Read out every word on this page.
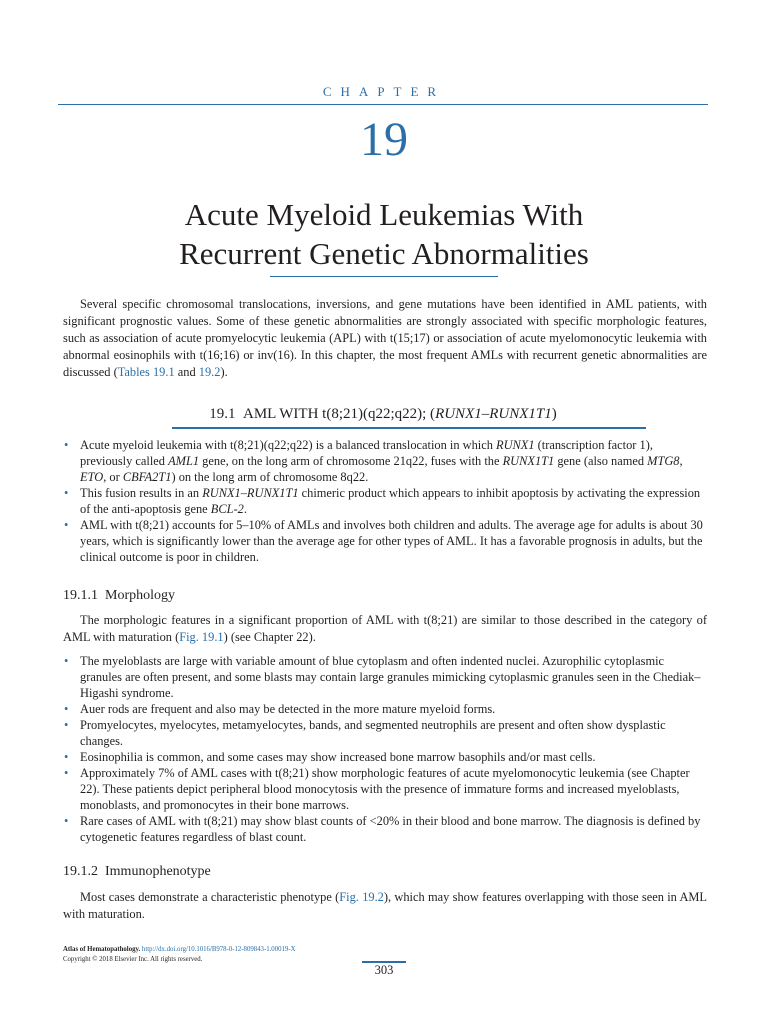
CHAPTER
19
Acute Myeloid Leukemias With
Recurrent Genetic Abnormalities

Several specific chromosomal translocations, inversions, and gene mutations have been identified in AML patients, with significant prognostic values. Some of these genetic abnormalities are strongly associated with specific morphologic features, such as association of acute promyelocytic leukemia (APL) with t(15;17) or association of acute myelomonocytic leukemia with abnormal eosinophils with t(16;16) or inv(16). In this chapter, the most frequent AMLs with recurrent genetic abnormalities are discussed (Tables 19.1 and 19.2).

19.1 AML WITH t(8;21)(q22;q22); (RUNX1–RUNX1T1)
• Acute myeloid leukemia with t(8;21)(q22;q22) is a balanced translocation in which RUNX1 (transcription factor 1), previously called AML1 gene, on the long arm of chromosome 21q22, fuses with the RUNX1T1 gene (also named MTG8, ETO, or CBFA2T1) on the long arm of chromosome 8q22.
• This fusion results in an RUNX1–RUNX1T1 chimeric product which appears to inhibit apoptosis by activating the expression of the anti-apoptosis gene BCL-2.
• AML with t(8;21) accounts for 5–10% of AMLs and involves both children and adults. The average age for adults is about 30 years, which is significantly lower than the average age for other types of AML. It has a favorable prognosis in adults, but the clinical outcome is poor in children.
19.1.1 Morphology

The morphologic features in a significant proportion of AML with t(8;21) are similar to those described in the category of AML with maturation (Fig. 19.1) (see Chapter 22).

• The myeloblasts are large with variable amount of blue cytoplasm and often indented nuclei. Azurophilic cytoplasmic granules are often present, and some blasts may contain large granules mimicking cytoplasmic granules seen in the Chediak–Higashi syndrome.
• Auer rods are frequent and also may be detected in the more mature myeloid forms.
• Promyelocytes, myelocytes, metamyelocytes, bands, and segmented neutrophils are present and often show dysplastic changes.
• Eosinophilia is common, and some cases may show increased bone marrow basophils and/or mast cells.
• Approximately 7% of AML cases with t(8;21) show morphologic features of acute myelomonocytic leukemia (see Chapter 22). These patients depict peripheral blood monocytosis with the presence of immature forms and increased myeloblasts, monoblasts, and promonocytes in their bone marrows.
• Rare cases of AML with t(8;21) may show blast counts of <20% in their blood and bone marrow. The diagnosis is defined by cytogenetic features regardless of blast count.
19.1.2 Immunophenotype

Most cases demonstrate a characteristic phenotype (Fig. 19.2), which may show features overlapping with those seen in AML with maturation.

Atlas of Hematopathology. http://dx.doi.org/10.1016/B978-0-12-809843-1.00019-X
Copyright © 2018 Elsevier Inc. All rights reserved.
303
